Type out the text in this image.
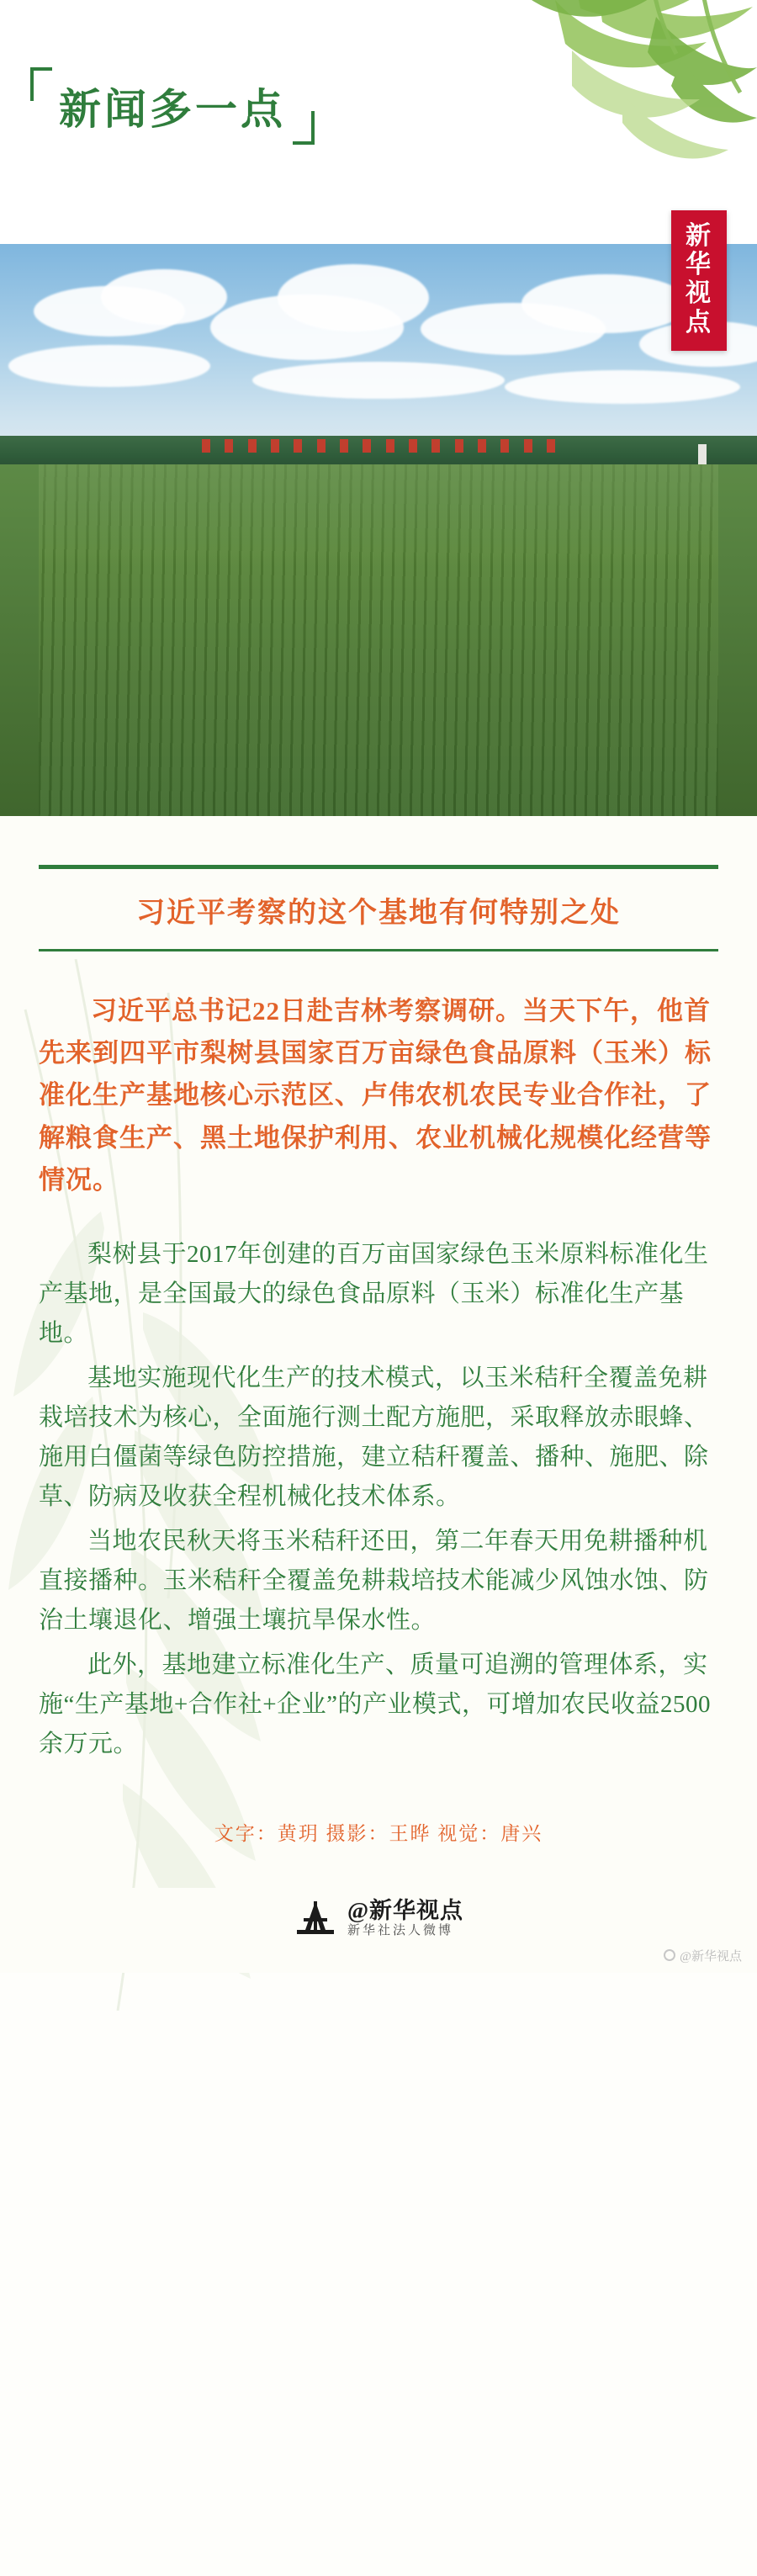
新闻多一点
新
华
视
点
习近平考察的这个基地有何特别之处

习近平总书记22日赴吉林考察调研。当天下午，他首先来到四平市梨树县国家百万亩绿色食品原料（玉米）标准化生产基地核心示范区、卢伟农机农民专业合作社，了解粮食生产、黑土地保护利用、农业机械化规模化经营等情况。

梨树县于2017年创建的百万亩国家绿色玉米原料标准化生产基地，是全国最大的绿色食品原料（玉米）标准化生产基地。

基地实施现代化生产的技术模式，以玉米秸秆全覆盖免耕栽培技术为核心，全面施行测土配方施肥，采取释放赤眼蜂、施用白僵菌等绿色防控措施，建立秸秆覆盖、播种、施肥、除草、防病及收获全程机械化技术体系。

当地农民秋天将玉米秸秆还田，第二年春天用免耕播种机直接播种。玉米秸秆全覆盖免耕栽培技术能减少风蚀水蚀、防治土壤退化、增强土壤抗旱保水性。

此外，基地建立标准化生产、质量可追溯的管理体系，实施“生产基地+合作社+企业”的产业模式，可增加农民收益2500余万元。

文字：黄玥 摄影：王晔 视觉：唐兴
@新华视点
新华社法人微博
@新华视点
